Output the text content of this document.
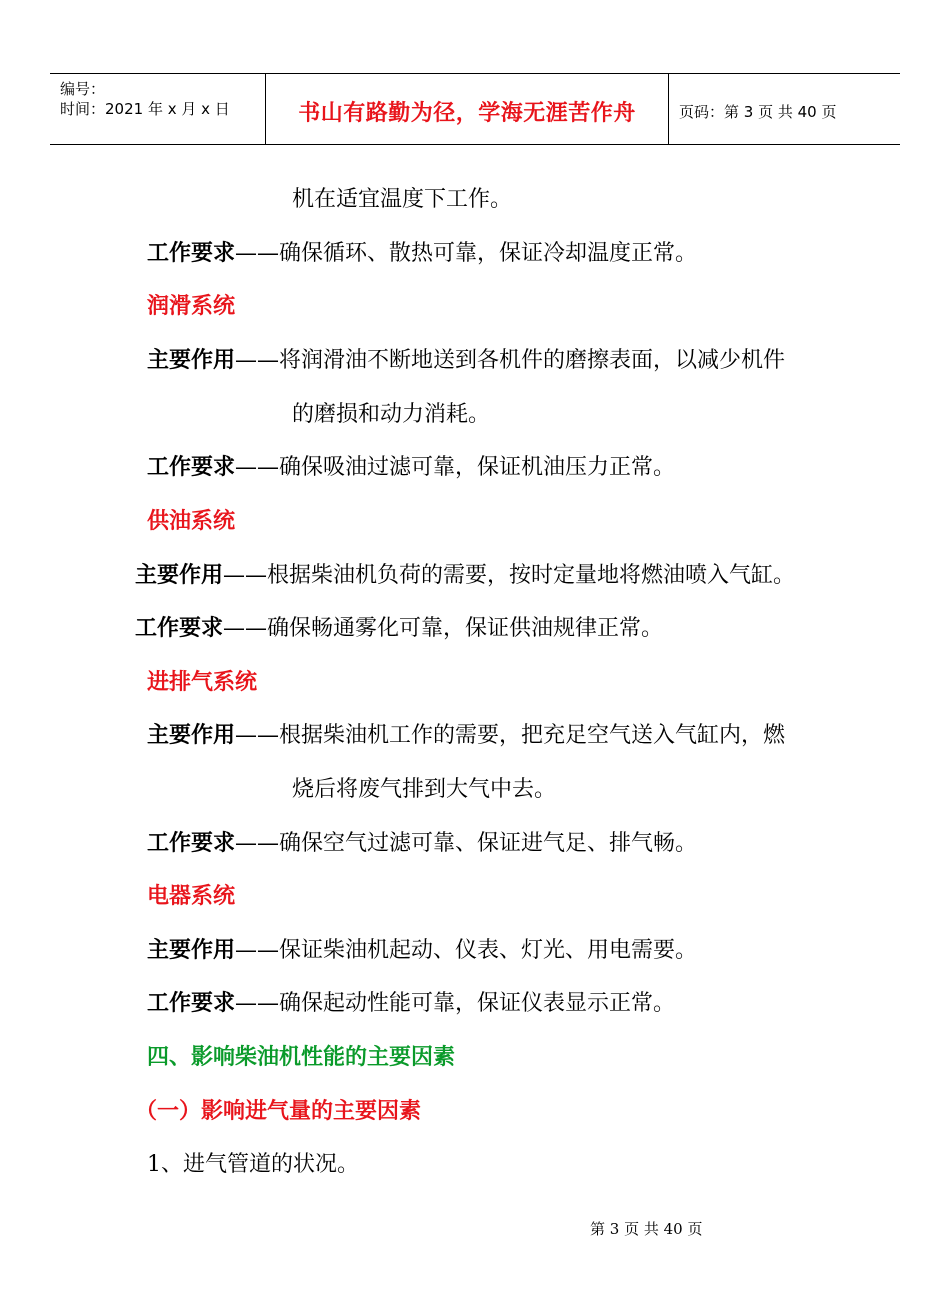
编号：
时间：2021 年 x 月 x 日	书山有路勤为径，学海无涯苦作舟	页码：第 3 页 共 40 页
机在适宜温度下工作。
工作要求——确保循环、散热可靠，保证冷却温度正常。
润滑系统
主要作用——将润滑油不断地送到各机件的磨擦表面，以减少机件
的磨损和动力消耗。
工作要求——确保吸油过滤可靠，保证机油压力正常。
供油系统
主要作用——根据柴油机负荷的需要，按时定量地将燃油喷入气缸。
工作要求——确保畅通雾化可靠，保证供油规律正常。
进排气系统
主要作用——根据柴油机工作的需要，把充足空气送入气缸内，燃
烧后将废气排到大气中去。
工作要求——确保空气过滤可靠、保证进气足、排气畅。
电器系统
主要作用——保证柴油机起动、仪表、灯光、用电需要。
工作要求——确保起动性能可靠，保证仪表显示正常。
四、影响柴油机性能的主要因素
（一）影响进气量的主要因素
1、进气管道的状况。
第 3 页 共 40 页
